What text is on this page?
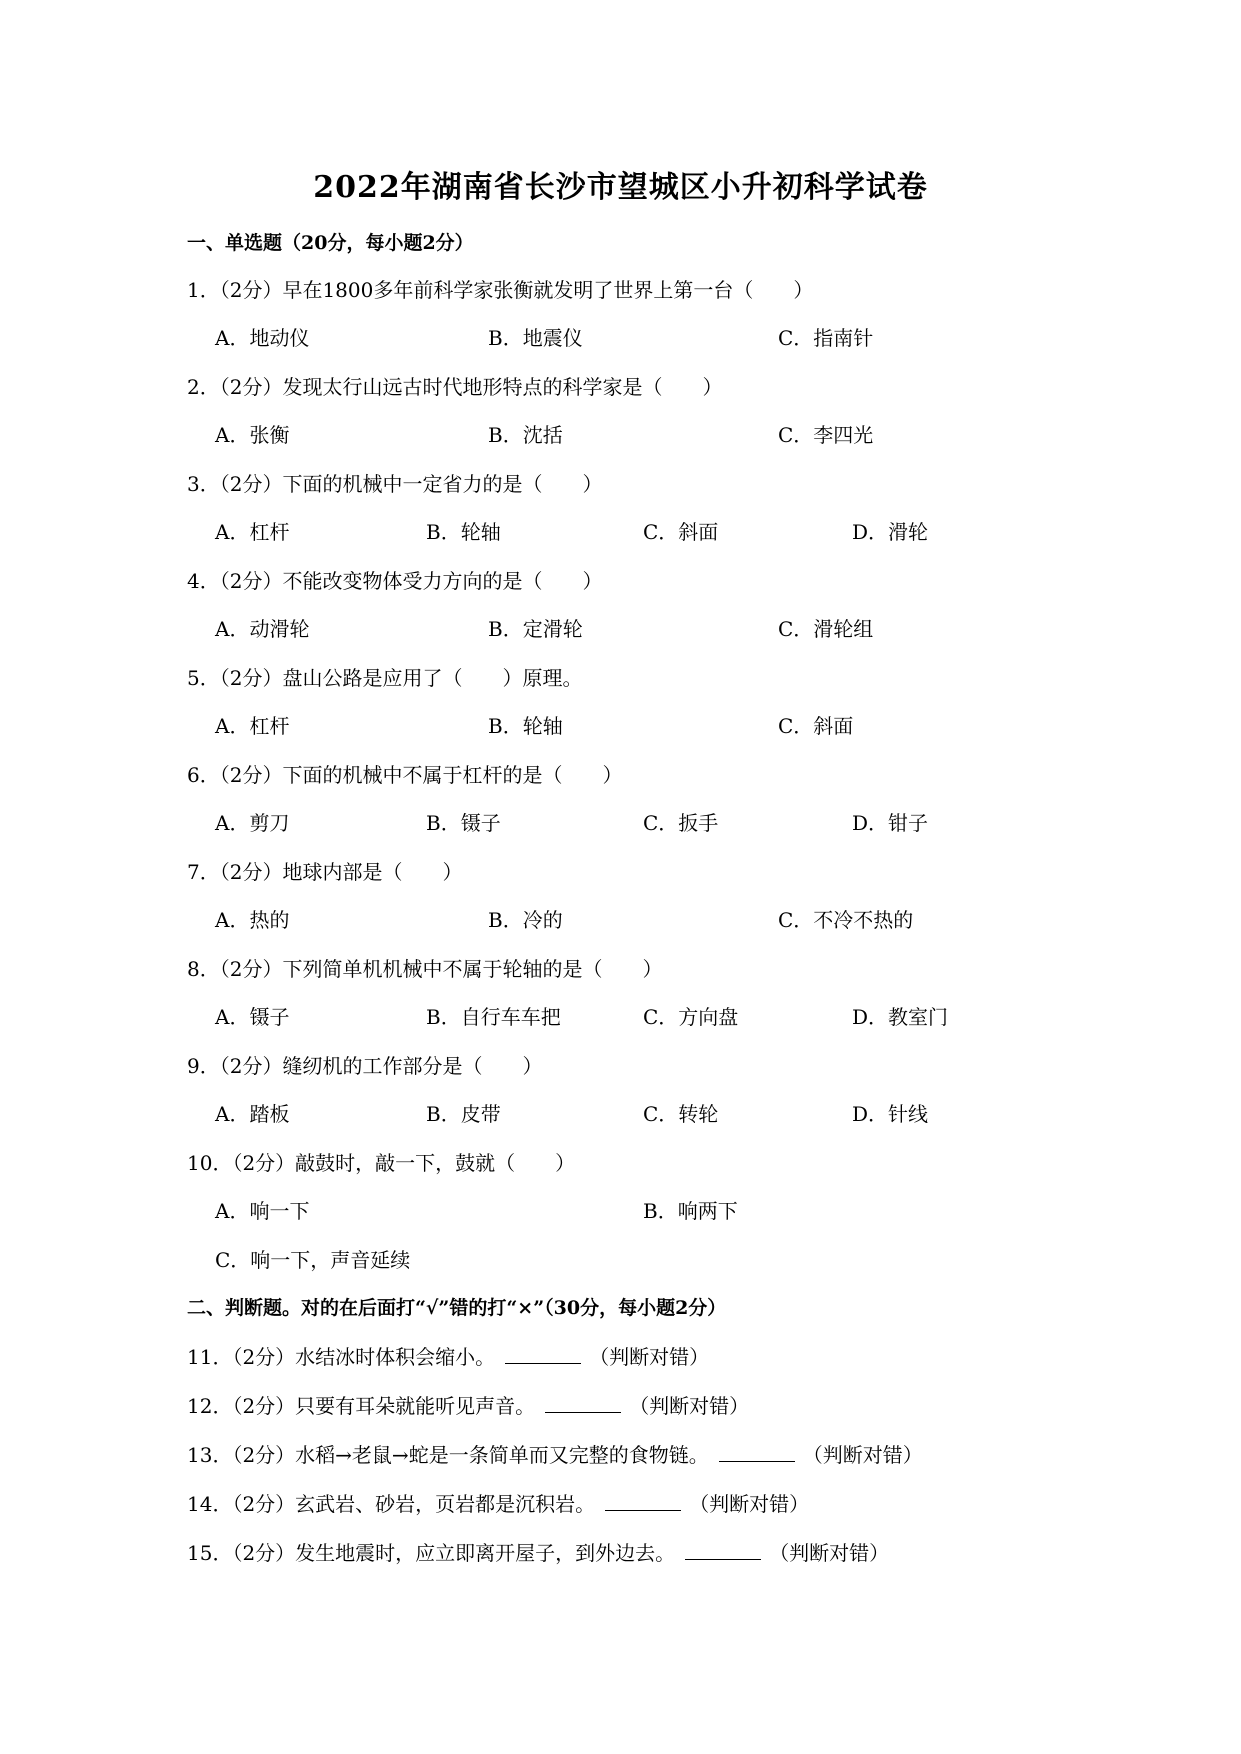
2022年湖南省长沙市望城区小升初科学试卷
一、单选题（20分，每小题2分）
1．（2分）早在1800多年前科学家张衡就发明了世界上第一台（　　）
A．地动仪	B．地震仪	C．指南针
2．（2分）发现太行山远古时代地形特点的科学家是（　　）
A．张衡	B．沈括	C．李四光
3．（2分）下面的机械中一定省力的是（　　）
A．杠杆	B．轮轴	C．斜面	D．滑轮
4．（2分）不能改变物体受力方向的是（　　）
A．动滑轮	B．定滑轮	C．滑轮组
5．（2分）盘山公路是应用了（　　）原理。
A．杠杆	B．轮轴	C．斜面
6．（2分）下面的机械中不属于杠杆的是（　　）
A．剪刀	B．镊子	C．扳手	D．钳子
7．（2分）地球内部是（　　）
A．热的	B．冷的	C．不冷不热的
8．（2分）下列简单机机械中不属于轮轴的是（　　）
A．镊子	B．自行车车把	C．方向盘	D．教室门
9．（2分）缝纫机的工作部分是（　　）
A．踏板	B．皮带	C．转轮	D．针线
10．（2分）敲鼓时，敲一下，鼓就（　　）
A．响一下	B．响两下
C．响一下，声音延续
二、判断题。对的在后面打“√”错的打“×”（30分，每小题2分）
11．（2分）水结冰时体积会缩小。	（判断对错）
12．（2分）只要有耳朵就能听见声音。	（判断对错）
13．（2分）水稻→老鼠→蛇是一条简单而又完整的食物链。	（判断对错）
14．（2分）玄武岩、砂岩，页岩都是沉积岩。	（判断对错）
15．（2分）发生地震时，应立即离开屋子，到外边去。	（判断对错）
